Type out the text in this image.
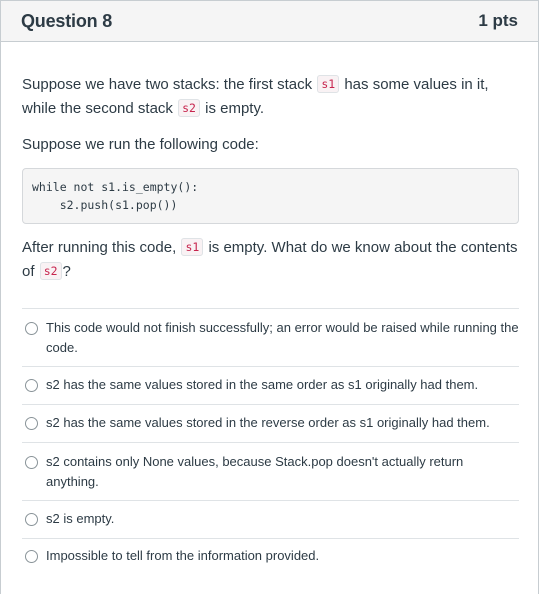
Question 8	1 pts

Suppose we have two stacks: the first stack s1 has some values in it, while the second stack s2 is empty.

Suppose we run the following code:

while not s1.is_empty():
s2.push(s1.pop())

After running this code, s1 is empty. What do we know about the contents of s2 ?

This code would not finish successfully; an error would be raised while running the code.
s2 has the same values stored in the same order as s1 originally had them.
s2 has the same values stored in the reverse order as s1 originally had them.
s2 contains only None values, because Stack.pop doesn't actually return anything.
s2 is empty.
Impossible to tell from the information provided.
